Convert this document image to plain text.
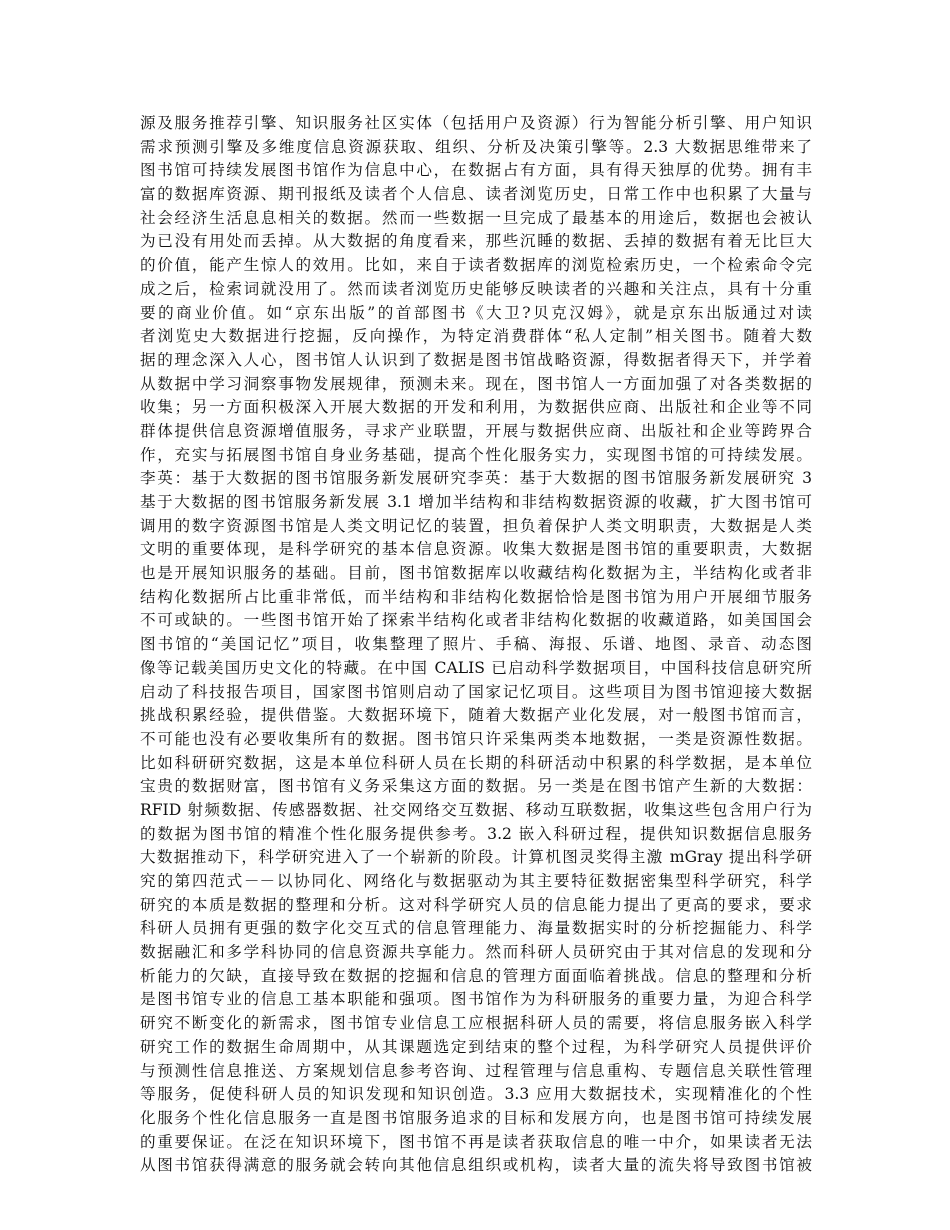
源及服务推荐引擎、知识服务社区实体（包括用户及资源）行为智能分析引擎、用户知识
需求预测引擎及多维度信息资源获取、组织、分析及决策引擎等。2.3 大数据思维带来了
图书馆可持续发展图书馆作为信息中心，在数据占有方面，具有得天独厚的优势。拥有丰
富的数据库资源、期刊报纸及读者个人信息、读者浏览历史，日常工作中也积累了大量与
社会经济生活息息相关的数据。然而一些数据一旦完成了最基本的用途后，数据也会被认
为已没有用处而丢掉。从大数据的角度看来，那些沉睡的数据、丢掉的数据有着无比巨大
的价值，能产生惊人的效用。比如，来自于读者数据库的浏览检索历史，一个检索命令完
成之后，检索词就没用了。然而读者浏览历史能够反映读者的兴趣和关注点，具有十分重
要的商业价值。如“京东出版”的首部图书《大卫?贝克汉姆》，就是京东出版通过对读
者浏览史大数据进行挖掘，反向操作，为特定消费群体“私人定制”相关图书。随着大数
据的理念深入人心，图书馆人认识到了数据是图书馆战略资源，得数据者得天下，并学着
从数据中学习洞察事物发展规律，预测未来。现在，图书馆人一方面加强了对各类数据的
收集；另一方面积极深入开展大数据的开发和利用，为数据供应商、出版社和企业等不同
群体提供信息资源增值服务，寻求产业联盟，开展与数据供应商、出版社和企业等跨界合
作，充实与拓展图书馆自身业务基础，提高个性化服务实力，实现图书馆的可持续发展。
李英：基于大数据的图书馆服务新发展研究李英：基于大数据的图书馆服务新发展研究 3
基于大数据的图书馆服务新发展 3.1 增加半结构和非结构数据资源的收藏，扩大图书馆可
调用的数字资源图书馆是人类文明记忆的装置，担负着保护人类文明职责，大数据是人类
文明的重要体现，是科学研究的基本信息资源。收集大数据是图书馆的重要职责，大数据
也是开展知识服务的基础。目前，图书馆数据库以收藏结构化数据为主，半结构化或者非
结构化数据所占比重非常低，而半结构和非结构化数据恰恰是图书馆为用户开展细节服务
不可或缺的。一些图书馆开始了探索半结构化或者非结构化数据的收藏道路，如美国国会
图书馆的“美国记忆”项目，收集整理了照片、手稿、海报、乐谱、地图、录音、动态图
像等记载美国历史文化的特藏。在中国 CALIS 已启动科学数据项目，中国科技信息研究所
启动了科技报告项目，国家图书馆则启动了国家记忆项目。这些项目为图书馆迎接大数据
挑战积累经验，提供借鉴。大数据环境下，随着大数据产业化发展，对一般图书馆而言，
不可能也没有必要收集所有的数据。图书馆只许采集两类本地数据，一类是资源性数据。
比如科研研究数据，这是本单位科研人员在长期的科研活动中积累的科学数据，是本单位
宝贵的数据财富，图书馆有义务采集这方面的数据。另一类是在图书馆产生新的大数据：
RFID 射频数据、传感器数据、社交网络交互数据、移动互联数据，收集这些包含用户行为
的数据为图书馆的精准个性化服务提供参考。3.2 嵌入科研过程，提供知识数据信息服务
大数据推动下，科学研究进入了一个崭新的阶段。计算机图灵奖得主激 mGray 提出科学研
究的第四范式－－以协同化、网络化与数据驱动为其主要特征数据密集型科学研究，科学
研究的本质是数据的整理和分析。这对科学研究人员的信息能力提出了更高的要求，要求
科研人员拥有更强的数字化交互式的信息管理能力、海量数据实时的分析挖掘能力、科学
数据融汇和多学科协同的信息资源共享能力。然而科研人员研究由于其对信息的发现和分
析能力的欠缺，直接导致在数据的挖掘和信息的管理方面面临着挑战。信息的整理和分析
是图书馆专业的信息工基本职能和强项。图书馆作为为科研服务的重要力量，为迎合科学
研究不断变化的新需求，图书馆专业信息工应根据科研人员的需要，将信息服务嵌入科学
研究工作的数据生命周期中，从其课题选定到结束的整个过程，为科学研究人员提供评价
与预测性信息推送、方案规划信息参考咨询、过程管理与信息重构、专题信息关联性管理
等服务，促使科研人员的知识发现和知识创造。3.3 应用大数据技术，实现精准化的个性
化服务个性化信息服务一直是图书馆服务追求的目标和发展方向，也是图书馆可持续发展
的重要保证。在泛在知识环境下，图书馆不再是读者获取信息的唯一中介，如果读者无法
从图书馆获得满意的服务就会转向其他信息组织或机构，读者大量的流失将导致图书馆被
